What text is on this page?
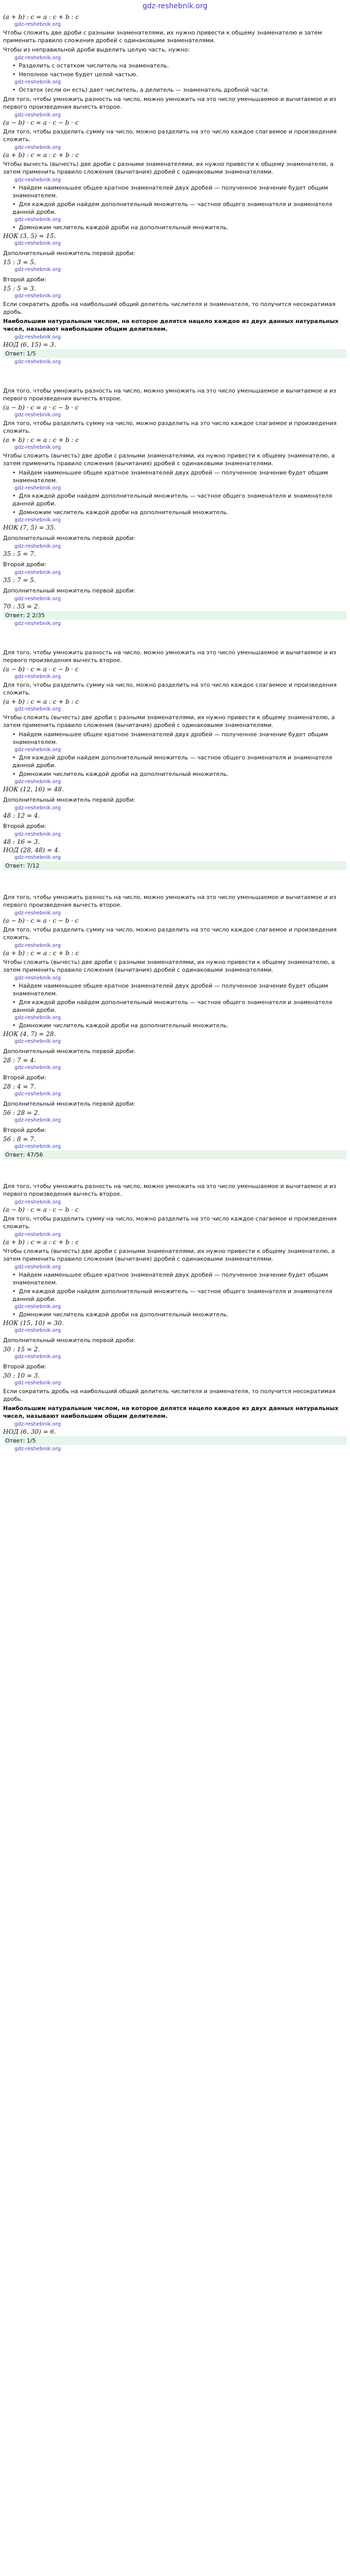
gdz-reshebnik.org
(a + b) : c = a : c + b : c
gdz-reshebnik.org
Чтобы сложить две дроби с разными знаменателями, их нужно привести к общему знаменателю и затем применить правило сложения дробей с одинаковыми знаменателями.
Чтобы из неправильной дроби выделить целую часть, нужно:
gdz-reshebnik.org
• Разделить с остатком числитель на знаменатель.
• Неполное частное будет целой частью.
gdz-reshebnik.org
• Остаток (если он есть) дает числитель, а делитель — знаменатель дробной части.
Для того, чтобы умножить разность на число, можно умножить на это число уменьшаемое и вычитаемое и из первого произведения вычесть второе.
gdz-reshebnik.org
(a − b) · c = a · c − b · c
Для того, чтобы разделить сумму на число, можно разделить на это число каждое слагаемое и произведения сложить.
gdz-reshebnik.org
(a + b) : c = a : c + b : c
Чтобы вычесть (вычесть) две дроби с разными знаменателями, их нужно привести к общему знаменателю, а затем применить правило сложения (вычитания) дробей с одинаковыми знаменателями.
gdz-reshebnik.org
• Найдем наименьшее общее кратное знаменателей двух дробей — полученное значение будет общим знаменателем.
• Для каждой дроби найдем дополнительный множитель — частное общего знаменателя и знаменателя данной дроби.
gdz-reshebnik.org
• Домножим числитель каждой дроби на дополнительный множитель.
НОК (3, 5) = 15.
gdz-reshebnik.org
Дополнительный множитель первой дроби:
15 : 3 = 5.
gdz-reshebnik.org
Второй дроби:
15 : 5 = 3.
gdz-reshebnik.org
Если сократить дробь на наибольший общий делитель числителя и знаменателя, то получится несократимая дробь.
Наибольшим натуральным числом, на которое делятся нацело каждое из двух данных натуральных чисел, называют наибольшим общим делителем.
gdz-reshebnik.org
НОД (6, 15) = 3.
Ответ: 1/5
gdz-reshebnik.org
Для того, чтобы умножить разность на число, можно умножить на это число уменьшаемое и вычитаемое и из первого произведения вычесть второе.
(a − b) · c = a · c − b · c
gdz-reshebnik.org
Для того, чтобы разделить сумму на число, можно разделить на это число каждое слагаемое и произведения сложить.
(a + b) : c = a : c + b : c
gdz-reshebnik.org
Чтобы сложить (вычесть) две дроби с разными знаменателями, их нужно привести к общему знаменателю, а затем применить правило сложения (вычитания) дробей с одинаковыми знаменателями.
• Найдем наименьшее общее кратное знаменателей двух дробей — полученное значение будет общим знаменателем.
gdz-reshebnik.org
• Для каждой дроби найдем дополнительный множитель — частное общего знаменателя и знаменателя данной дроби.
• Домножим числитель каждой дроби на дополнительный множитель.
gdz-reshebnik.org
НОК (7, 5) = 35.
Дополнительный множитель первой дроби:
gdz-reshebnik.org
35 : 5 = 7.
Второй дроби:
gdz-reshebnik.org
35 : 7 = 5.
Дополнительный множитель первой дроби:
gdz-reshebnik.org
70 : 35 = 2.
Ответ: 2 2/35
gdz-reshebnik.org
Для того, чтобы умножить разность на число, можно умножить на это число уменьшаемое и вычитаемое и из первого произведения вычесть второе.
(a − b) · c = a · c − b · c
gdz-reshebnik.org
Для того, чтобы разделить сумму на число, можно разделить на это число каждое слагаемое и произведения сложить.
(a + b) : c = a : c + b : c
gdz-reshebnik.org
Чтобы сложить (вычесть) две дроби с разными знаменателями, их нужно привести к общему знаменателю, а затем применить правило сложения (вычитания) дробей с одинаковыми знаменателями.
• Найдем наименьшее общее кратное знаменателей двух дробей — полученное значение будет общим знаменателем.
gdz-reshebnik.org
• Для каждой дроби найдем дополнительный множитель — частное общего знаменателя и знаменателя данной дроби.
• Домножим числитель каждой дроби на дополнительный множитель.
gdz-reshebnik.org
НОК (12, 16) = 48.
Дополнительный множитель первой дроби:
gdz-reshebnik.org
48 : 12 = 4.
Второй дроби:
gdz-reshebnik.org
48 : 16 = 3.
НОД (28, 48) = 4.
gdz-reshebnik.org
Ответ: 7/12
Для того, чтобы умножить разность на число, можно умножить на это число уменьшаемое и вычитаемое и из первого произведения вычесть второе.
gdz-reshebnik.org
(a − b) · c = a · c − b · c
Для того, чтобы разделить сумму на число, можно разделить на это число каждое слагаемое и произведения сложить.
gdz-reshebnik.org
(a + b) : c = a : c + b : c
Чтобы сложить (вычесть) две дроби с разными знаменателями, их нужно привести к общему знаменателю, а затем применить правило сложения (вычитания) дробей с одинаковыми знаменателями.
gdz-reshebnik.org
• Найдем наименьшее общее кратное знаменателей двух дробей — полученное значение будет общим знаменателем.
• Для каждой дроби найдем дополнительный множитель — частное общего знаменателя и знаменателя данной дроби.
gdz-reshebnik.org
• Домножим числитель каждой дроби на дополнительный множитель.
НОК (4, 7) = 28.
gdz-reshebnik.org
Дополнительный множитель первой дроби:
28 : 7 = 4.
gdz-reshebnik.org
Второй дроби:
28 : 4 = 7.
gdz-reshebnik.org
Дополнительный множитель первой дроби:
56 : 28 = 2.
gdz-reshebnik.org
Второй дроби:
56 : 8 = 7.
gdz-reshebnik.org
Ответ: 47/56
Для того, чтобы умножить разность на число, можно умножить на это число уменьшаемое и вычитаемое и из первого произведения вычесть второе.
gdz-reshebnik.org
(a − b) · c = a · c − b · c
Для того, чтобы разделить сумму на число, можно разделить на это число каждое слагаемое и произведения сложить.
gdz-reshebnik.org
(a + b) : c = a : c + b : c
Чтобы сложить (вычесть) две дроби с разными знаменателями, их нужно привести к общему знаменателю, а затем применить правило сложения (вычитания) дробей с одинаковыми знаменателями.
gdz-reshebnik.org
• Найдем наименьшее общее кратное знаменателей двух дробей — полученное значение будет общим знаменателем.
• Для каждой дроби найдем дополнительный множитель — частное общего знаменателя и знаменателя данной дроби.
gdz-reshebnik.org
• Домножим числитель каждой дроби на дополнительный множитель.
НОК (15, 10) = 30.
gdz-reshebnik.org
Дополнительный множитель первой дроби:
30 : 15 = 2.
gdz-reshebnik.org
Второй дроби:
30 : 10 = 3.
gdz-reshebnik.org
Если сократить дробь на наибольший общий делитель числителя и знаменателя, то получится несократимая дробь.
Наибольшим натуральным числом, на которое делятся нацело каждое из двух данных натуральных чисел, называют наибольшим общим делителем.
gdz-reshebnik.org
НОД (6, 30) = 6.
Ответ: 1/5
gdz-reshebnik.org
